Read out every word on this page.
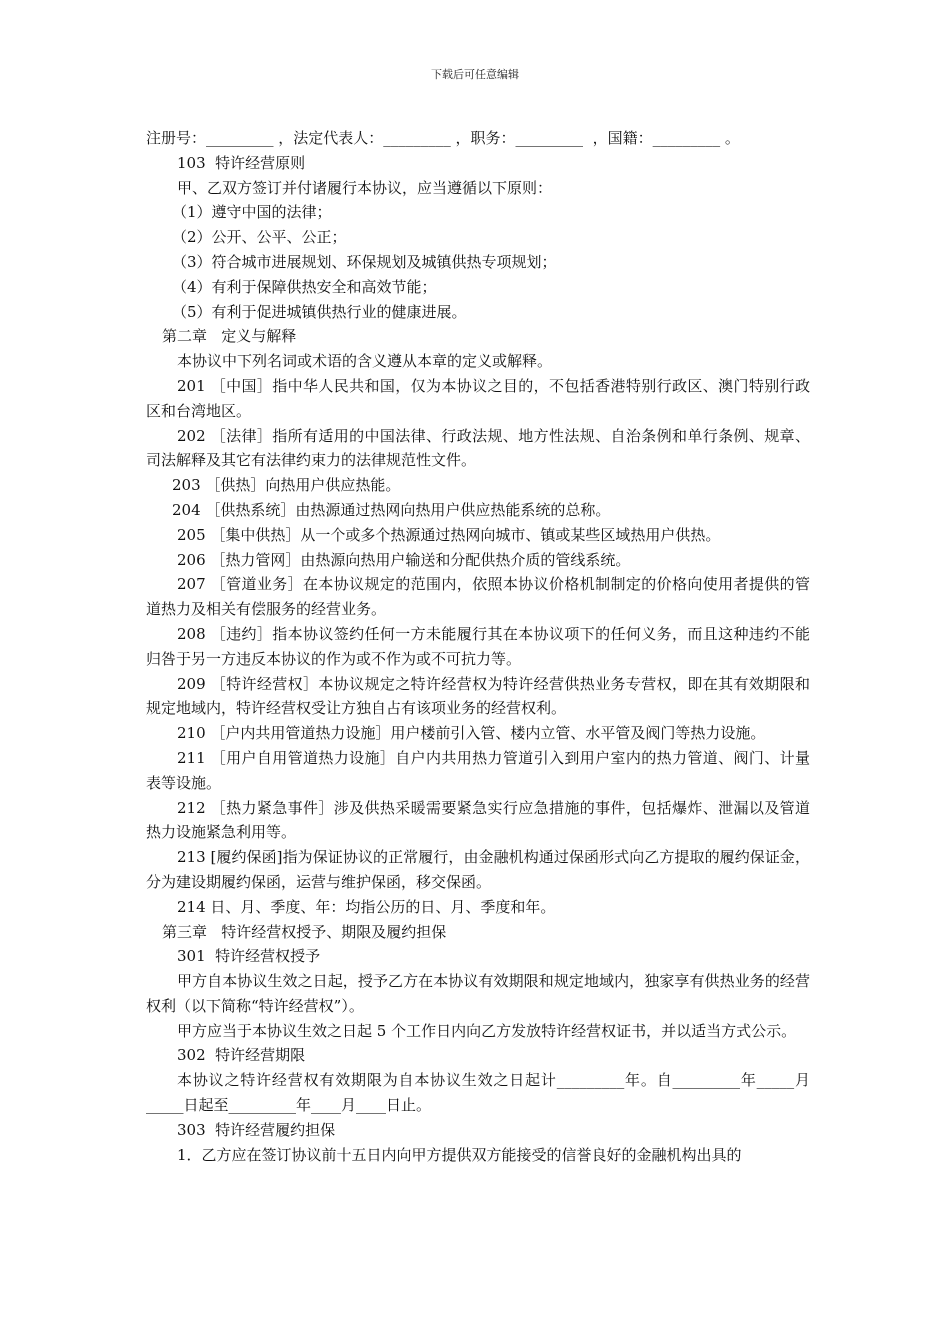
下载后可任意编辑

注册号：_________ ，法定代表人：_________ ，职务：_________  ，国籍：_________ 。

103  特许经营原则

甲、乙双方签订并付诸履行本协议，应当遵循以下原则：

（1）遵守中国的法律；

（2）公开、公平、公正；

（3）符合城市进展规划、环保规划及城镇供热专项规划；

（4）有利于保障供热安全和高效节能；

（5）有利于促进城镇供热行业的健康进展。

第二章   定义与解释

本协议中下列名词或术语的含义遵从本章的定义或解释。

201 ［中国］指中华人民共和国，仅为本协议之目的，不包括香港特别行政区、澳门特别行政区和台湾地区。

202 ［法律］指所有适用的中国法律、行政法规、地方性法规、自治条例和单行条例、规章、司法解释及其它有法律约束力的法律规范性文件。

203 ［供热］向热用户供应热能。

204 ［供热系统］由热源通过热网向热用户供应热能系统的总称。

205 ［集中供热］从一个或多个热源通过热网向城市、镇或某些区域热用户供热。

206 ［热力管网］由热源向热用户输送和分配供热介质的管线系统。

207 ［管道业务］在本协议规定的范围内，依照本协议价格机制制定的价格向使用者提供的管道热力及相关有偿服务的经营业务。

208 ［违约］指本协议签约任何一方未能履行其在本协议项下的任何义务，而且这种违约不能归咎于另一方违反本协议的作为或不作为或不可抗力等。

209 ［特许经营权］本协议规定之特许经营权为特许经营供热业务专营权，即在其有效期限和规定地域内，特许经营权受让方独自占有该项业务的经营权利。

210 ［户内共用管道热力设施］用户楼前引入管、楼内立管、水平管及阀门等热力设施。

211 ［用户自用管道热力设施］自户内共用热力管道引入到用户室内的热力管道、阀门、计量表等设施。

212 ［热力紧急事件］涉及供热采暖需要紧急实行应急措施的事件，包括爆炸、泄漏以及管道热力设施紧急利用等。

213 [履约保函]指为保证协议的正常履行，由金融机构通过保函形式向乙方提取的履约保证金，分为建设期履约保函，运营与维护保函，移交保函。

214 日、月、季度、年：均指公历的日、月、季度和年。

第三章   特许经营权授予、期限及履约担保

301  特许经营权授予

甲方自本协议生效之日起，授予乙方在本协议有效期限和规定地域内，独家享有供热业务的经营权利（以下简称“特许经营权”）。

甲方应当于本协议生效之日起 5 个工作日内向乙方发放特许经营权证书，并以适当方式公示。

302  特许经营期限

本协议之特许经营权有效期限为自本协议生效之日起计_________年。自_________年_____月_____日起至_________年____月____日止。

303  特许经营履约担保

1．乙方应在签订协议前十五日内向甲方提供双方能接受的信誉良好的金融机构出具的
